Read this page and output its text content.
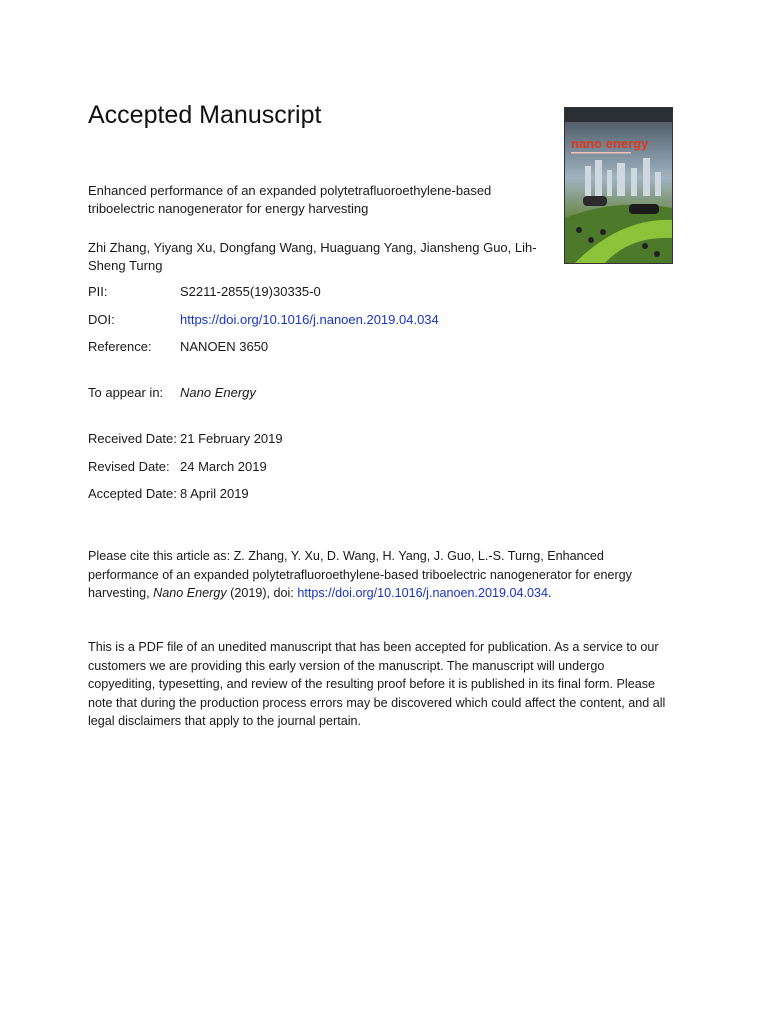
Accepted Manuscript
nano energy
Enhanced performance of an expanded polytetrafluoroethylene-based triboelectric nanogenerator for energy harvesting
Zhi Zhang, Yiyang Xu, Dongfang Wang, Huaguang Yang, Jiansheng Guo, Lih-Sheng Turng
PII:	S2211-2855(19)30335-0
DOI:	https://doi.org/10.1016/j.nanoen.2019.04.034
Reference: NANOEN 3650
To appear in: Nano Energy
Received Date: 21 February 2019
Revised Date: 24 March 2019
Accepted Date: 8 April 2019
Please cite this article as: Z. Zhang, Y. Xu, D. Wang, H. Yang, J. Guo, L.-S. Turng, Enhanced performance of an expanded polytetrafluoroethylene-based triboelectric nanogenerator for energy harvesting, Nano Energy (2019), doi: https://doi.org/10.1016/j.nanoen.2019.04.034.
This is a PDF file of an unedited manuscript that has been accepted for publication. As a service to our customers we are providing this early version of the manuscript. The manuscript will undergo copyediting, typesetting, and review of the resulting proof before it is published in its final form. Please note that during the production process errors may be discovered which could affect the content, and all legal disclaimers that apply to the journal pertain.
